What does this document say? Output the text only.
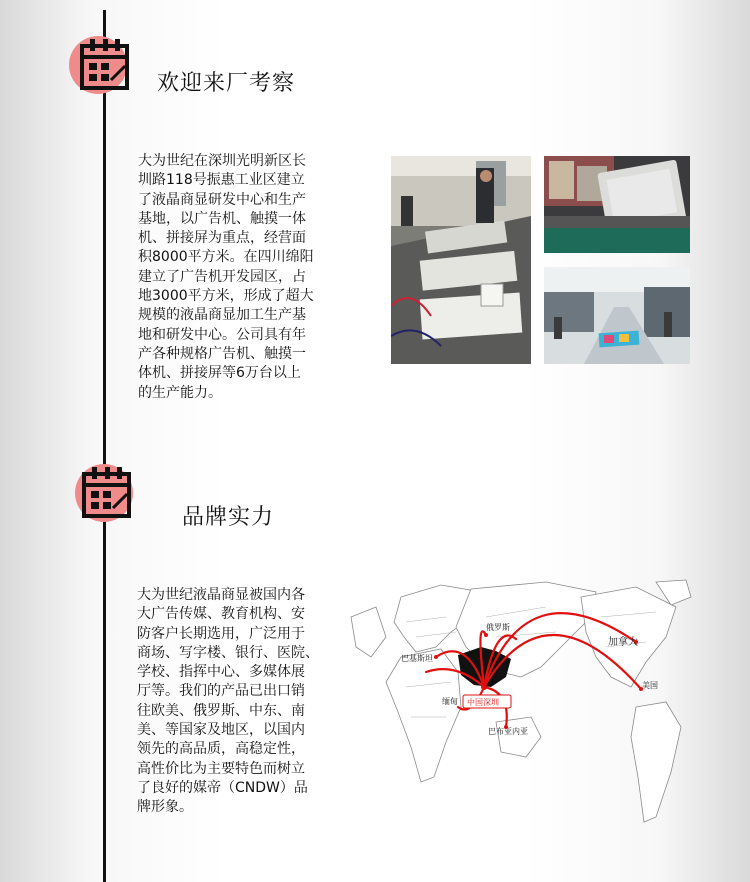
欢迎来厂考察
大为世纪在深圳光明新区长
圳路118号振惠工业区建立
了液晶商显研发中心和生产
基地，以广告机、触摸一体
机、拼接屏为重点，经营面
积8000平方米。在四川绵阳
建立了广告机开发园区，占
地3000平方米，形成了超大
规模的液晶商显加工生产基
地和研发中心。公司具有年
产各种规格广告机、触摸一
体机、拼接屏等6万台以上
的生产能力。
品牌实力
大为世纪液晶商显被国内各
大广告传媒、教育机构、安
防客户长期选用，广泛用于
商场、写字楼、银行、医院、
学校、指挥中心、多媒体展
厅等。我们的产品已出口销
往欧美、俄罗斯、中东、南
美、等国家及地区，以国内
领先的高品质，高稳定性，
高性价比为主要特色而树立
了良好的媒帝（CNDW）品
牌形象。
俄罗斯
加拿大
巴基斯坦
美国
中国深圳
缅甸
巴布亚内亚
